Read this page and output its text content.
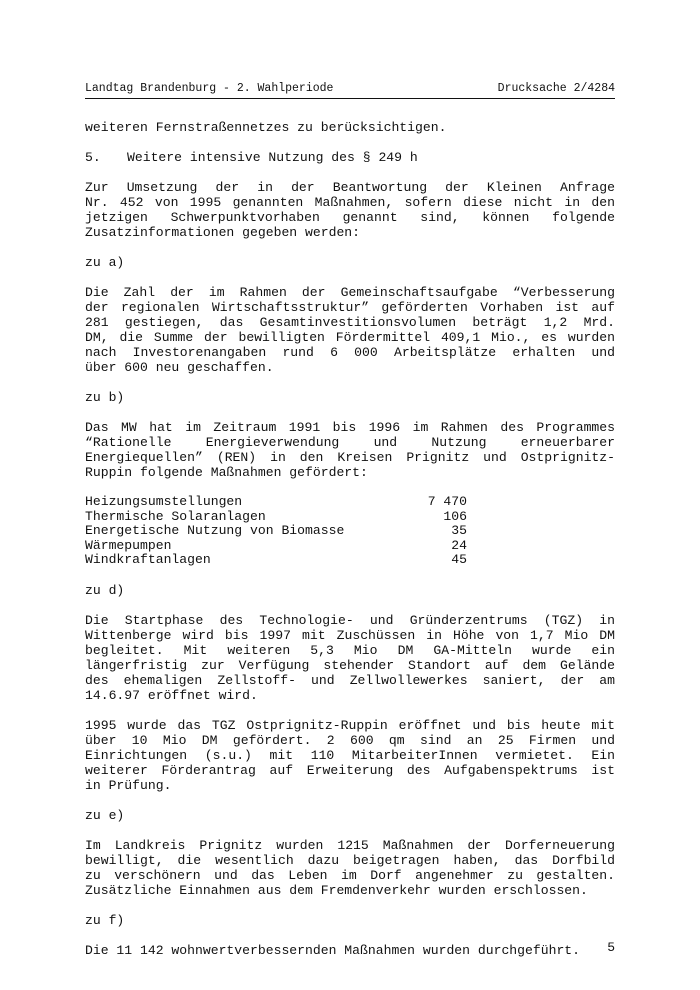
Landtag Brandenburg - 2. Wahlperiode	Drucksache 2/4284
weiteren Fernstraßennetzes zu berücksichtigen.
5. Weitere intensive Nutzung des § 249 h
Zur Umsetzung der in der Beantwortung der Kleinen Anfrage
Nr. 452 von 1995 genannten Maßnahmen, sofern diese nicht in den
jetzigen Schwerpunktvorhaben genannt sind, können folgende
Zusatzinformationen gegeben werden:
zu a)
Die Zahl der im Rahmen der Gemeinschaftsaufgabe “Verbesserung
der regionalen Wirtschaftsstruktur” geförderten Vorhaben ist auf
281 gestiegen, das Gesamtinvestitionsvolumen beträgt 1,2 Mrd.
DM, die Summe der bewilligten Fördermittel 409,1 Mio., es wurden
nach Investorenangaben rund 6 000 Arbeitsplätze erhalten und
über 600 neu geschaffen.
zu b)
Das MW hat im Zeitraum 1991 bis 1996 im Rahmen des Programmes
“Rationelle Energieverwendung und Nutzung erneuerbarer
Energiequellen” (REN) in den Kreisen Prignitz und Ostprignitz-
Ruppin folgende Maßnahmen gefördert:
Heizungsumstellungen	7 470
Thermische Solaranlagen	106
Energetische Nutzung von Biomasse	35
Wärmepumpen	24
Windkraftanlagen	45
zu d)
Die Startphase des Technologie- und Gründerzentrums (TGZ) in
Wittenberge wird bis 1997 mit Zuschüssen in Höhe von 1,7 Mio DM
begleitet. Mit weiteren 5,3 Mio DM GA-Mitteln wurde ein
längerfristig zur Verfügung stehender Standort auf dem Gelände
des ehemaligen Zellstoff- und Zellwollewerkes saniert, der am
14.6.97 eröffnet wird.
1995 wurde das TGZ Ostprignitz-Ruppin eröffnet und bis heute mit
über 10 Mio DM gefördert. 2 600 qm sind an 25 Firmen und
Einrichtungen (s.u.) mit 110 MitarbeiterInnen vermietet. Ein
weiterer Förderantrag auf Erweiterung des Aufgabenspektrums ist
in Prüfung.
zu e)
Im Landkreis Prignitz wurden 1215 Maßnahmen der Dorferneuerung
bewilligt, die wesentlich dazu beigetragen haben, das Dorfbild
zu verschönern und das Leben im Dorf angenehmer zu gestalten.
Zusätzliche Einnahmen aus dem Fremdenverkehr wurden erschlossen.
zu f)
Die 11 142 wohnwertverbessernden Maßnahmen wurden durchgeführt.	5
